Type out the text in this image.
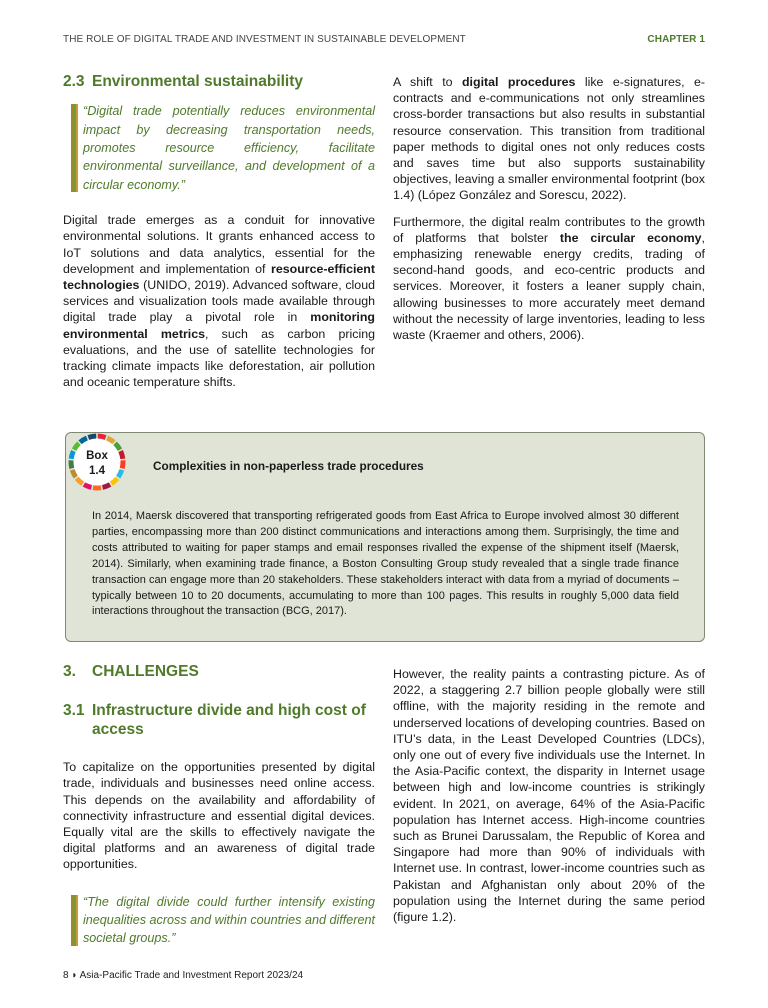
THE ROLE OF DIGITAL TRADE AND INVESTMENT IN SUSTAINABLE DEVELOPMENT	CHAPTER 1
2.3 Environmental sustainability
“Digital trade potentially reduces environmental impact by decreasing transportation needs, promotes resource efficiency, facilitate environmental surveillance, and development of a circular economy.”

Digital trade emerges as a conduit for innovative environmental solutions. It grants enhanced access to IoT solutions and data analytics, essential for the development and implementation of resource-efficient technologies (UNIDO, 2019). Advanced software, cloud services and visualization tools made available through digital trade play a pivotal role in monitoring environmental metrics, such as carbon pricing evaluations, and the use of satellite technologies for tracking climate impacts like deforestation, air pollution and oceanic temperature shifts.

A shift to digital procedures like e-signatures, e-contracts and e-communications not only streamlines cross-border transactions but also results in substantial resource conservation. This transition from traditional paper methods to digital ones not only reduces costs and saves time but also supports sustainability objectives, leaving a smaller environmental footprint (box 1.4) (López González and Sorescu, 2022).

Furthermore, the digital realm contributes to the growth of platforms that bolster the circular economy, emphasizing renewable energy credits, trading of second-hand goods, and eco-centric products and services. Moreover, it fosters a leaner supply chain, allowing businesses to more accurately meet demand without the necessity of large inventories, leading to less waste (Kraemer and others, 2006).

Box
1.4	Complexities in non-paperless trade procedures
In 2014, Maersk discovered that transporting refrigerated goods from East Africa to Europe involved almost 30 different parties, encompassing more than 200 distinct communications and interactions among them. Surprisingly, the time and costs attributed to waiting for paper stamps and email responses rivalled the expense of the shipment itself (Maersk, 2014). Similarly, when examining trade finance, a Boston Consulting Group study revealed that a single trade finance transaction can engage more than 20 stakeholders. These stakeholders interact with data from a myriad of documents – typically between 10 to 20 documents, accumulating to more than 100 pages. This results in roughly 5,000 data field interactions throughout the transaction (BCG, 2017).
3. CHALLENGES
3.1 Infrastructure divide and high cost of access

To capitalize on the opportunities presented by digital trade, individuals and businesses need online access. This depends on the availability and affordability of connectivity infrastructure and essential digital devices. Equally vital are the skills to effectively navigate the digital platforms and an awareness of digital trade opportunities.

“The digital divide could further intensify existing inequalities across and within countries and different societal groups.”

However, the reality paints a contrasting picture. As of 2022, a staggering 2.7 billion people globally were still offline, with the majority residing in the remote and underserved locations of developing countries. Based on ITU’s data, in the Least Developed Countries (LDCs), only one out of every five individuals use the Internet. In the Asia-Pacific context, the disparity in Internet usage between high and low-income countries is strikingly evident. In 2021, on average, 64% of the Asia-Pacific population has Internet access. High-income countries such as Brunei Darussalam, the Republic of Korea and Singapore had more than 90% of individuals with Internet use. In contrast, lower-income countries such as Pakistan and Afghanistan only about 20% of the population using the Internet during the same period (figure 1.2).

8 ◗ Asia-Pacific Trade and Investment Report 2023/24
